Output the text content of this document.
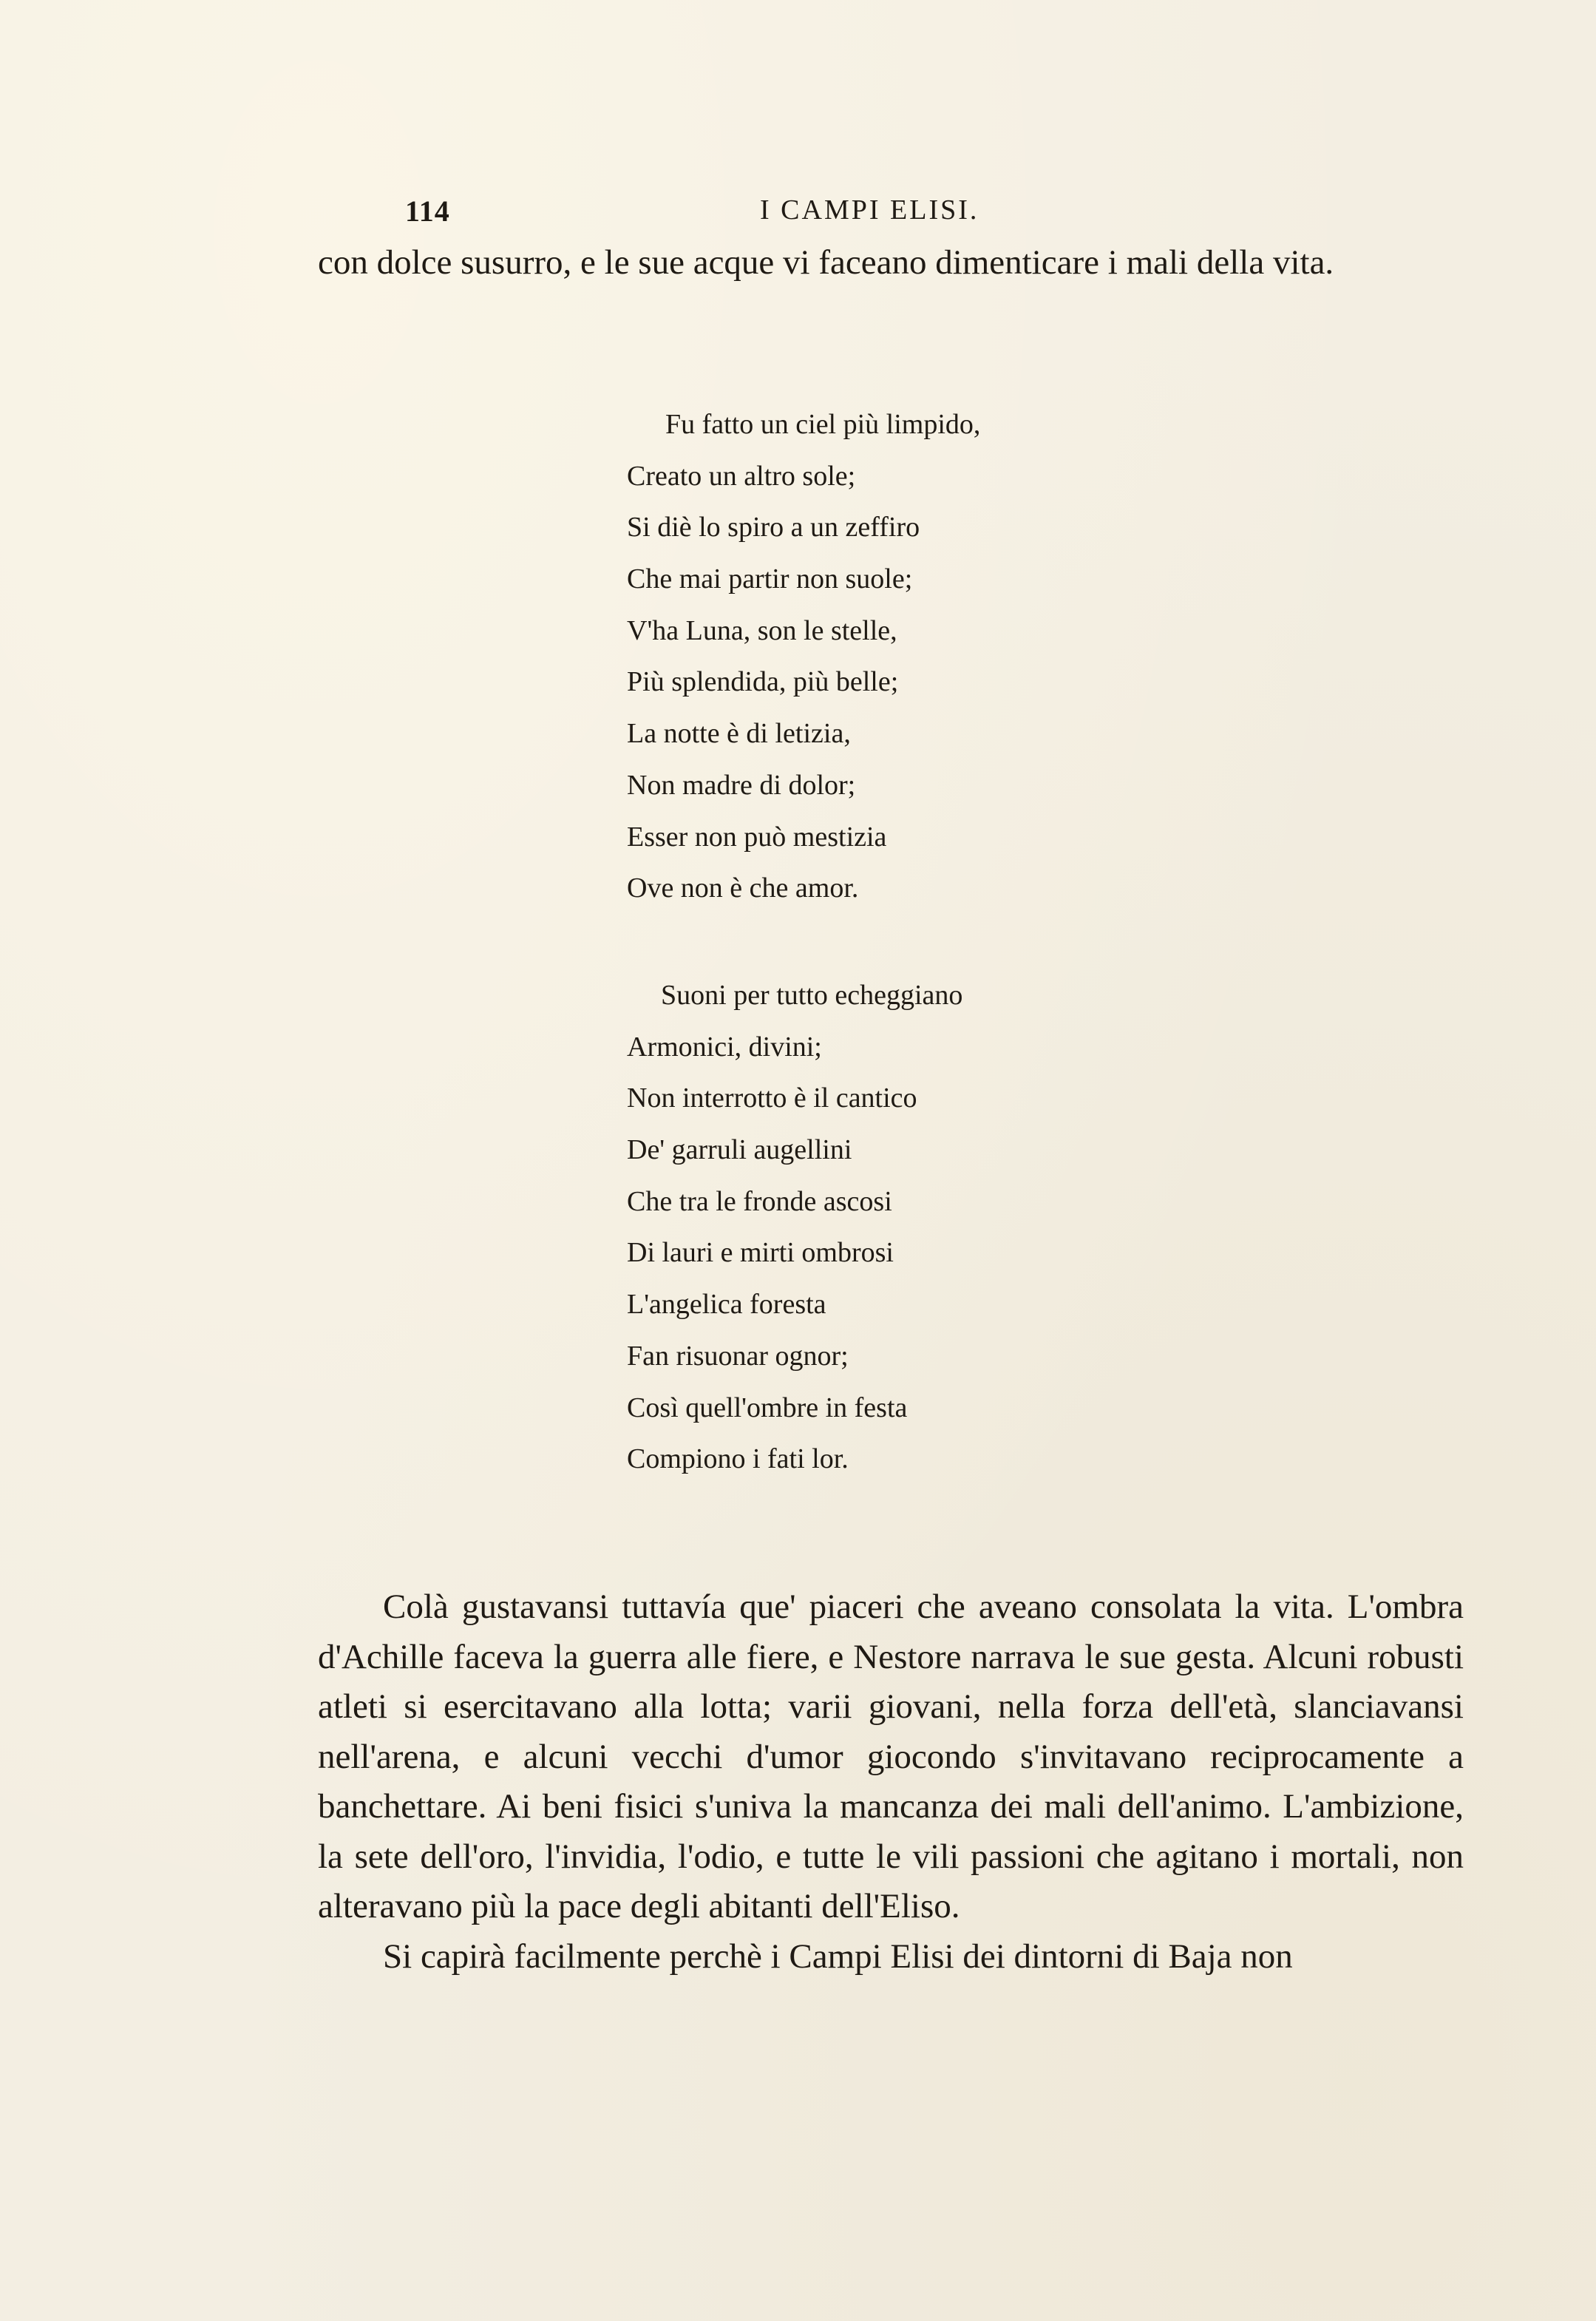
114	I CAMPI ELISI.

con dolce susurro, e le sue acque vi faceano dimenticare i mali della vita.

Fu fatto un ciel più limpido,
Creato un altro sole;
Si diè lo spiro a un zeffiro
Che mai partir non suole;
V'ha Luna, son le stelle,
Più splendida, più belle;
La notte è di letizia,
Non madre di dolor;
Esser non può mestizia
Ove non è che amor.
Suoni per tutto echeggiano
Armonici, divini;
Non interrotto è il cantico
De' garruli augellini
Che tra le fronde ascosi
Di lauri e mirti ombrosi
L'angelica foresta
Fan risuonar ognor;
Così quell'ombre in festa
Compiono i fati lor.

Colà gustavansi tuttavía que' piaceri che aveano consolata la vita. L'ombra d'Achille faceva la guerra alle fiere, e Nestore narrava le sue gesta. Alcuni robusti atleti si esercitavano alla lotta; varii giovani, nella forza dell'età, slanciavansi nell'arena, e alcuni vecchi d'umor giocondo s'invitavano reciprocamente a banchettare. Ai beni fisici s'univa la mancanza dei mali dell'animo. L'ambizione, la sete dell'oro, l'invidia, l'odio, e tutte le vili passioni che agitano i mortali, non alteravano più la pace degli abitanti dell'Eliso.

Si capirà facilmente perchè i Campi Elisi dei dintorni di Baja non
